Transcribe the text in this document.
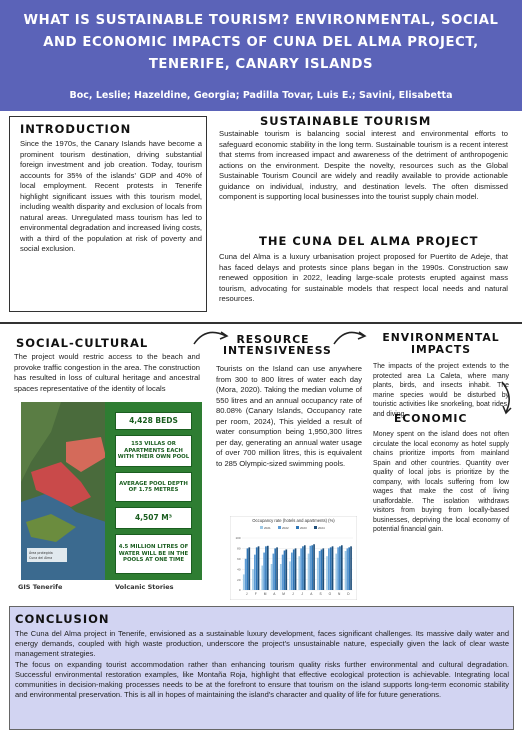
WHAT IS SUSTAINABLE TOURISM? ENVIRONMENTAL, SOCIAL AND ECONOMIC IMPACTS OF CUNA DEL ALMA PROJECT, TENERIFE, CANARY ISLANDS
Boc, Leslie; Hazeldine, Georgia; Padilla Tovar, Luis E.; Savini, Elisabetta
INTRODUCTION
Since the 1970s, the Canary Islands have become a prominent tourism destination, driving substantial foreign investment and job creation. Today, tourism accounts for 35% of the islands' GDP and 40% of local employment. Recent protests in Tenerife highlight significant issues with this tourism model, including wealth disparity and exclusion of locals from natural areas. Unregulated mass tourism has led to environmental degradation and increased living costs, with a third of the population at risk of poverty and social exclusion.
SUSTAINABLE TOURISM
Sustainable tourism is balancing social interest and environmental efforts to safeguard economic stability in the long term. Sustainable tourism is a recent interest that stems from increased impact and awareness of the detriment of anthropogenic actions on the environment. Despite the novelty, resources such as the Global Sustainable Tourism Council are widely and readily available to provide actionable guidance on individual, industry, and destination levels. The often dismissed component is supporting local businesses into the tourist supply chain model.
THE CUNA DEL ALMA PROJECT
Cuna del Alma is a luxury urbanisation project proposed for Puertito de Adeje, that has faced delays and protests since plans began in the 1990s. Construction saw renewed opposition in 2022, leading large-scale protests erupted against mass tourism, advocating for sustainable models that respect local needs and natural resources.
SOCIAL-CULTURAL
The project would restric access to the beach and provoke traffic congestion in the area. The construction has resulted in loss of cultural heritage and ancestral spaces representative of the identity of locals
Área protegida
Cuna del Alma
4,428 BEDS
153 VILLAS OR APARTMENTS EACH WITH THEIR OWN POOL
AVERAGE POOL DEPTH OF 1.75 METRES
4,507 M³
4.5 MILLION LITRES OF WATER WILL BE IN THE POOLS AT ONE TIME
GIS Tenerife	Volcanic Stories
RESOURCE INTENSIVENESS
Tourists on the Island can use anywhere from 300 to 800 litres of water each day (Mora, 2020). Taking the median volume of 550 litres and an annual occupancy rate of 80.08% (Canary Islands, Occupancy rate per room, 2024), This yielded a result of water consumption being 1,950,300 litres per day, generating an annual water usage of over 700 million litres, this is equivalent to 285 Olympic-sized swimming pools.
ENVIRONMENTAL IMPACTS
The impacts of the project extends to the protected area La Caleta, where many plants, birds, and insects inhabit. The marine species would be disturbed by touristic activities like snorkeling, boat rides, and diving.
ECONOMIC
Money spent on the island does not often circulate the local economy as hotel supply chains prioritize imports from mainland Spain and other countries. Quantity over quality of local jobs is prioritize by the company, with locals suffering from low wages that make the cost of living unaffordable. The isolation withdraws visitors from buying from locally-based businesses, depriving the local economy of potential financial gain.
Occupancy rate (hotels and apartments) (%)
2021	2022	2023	2024
0
20
40
60
80
100
J F M A M J J A S O N D
CONCLUSION
The Cuna del Alma project in Tenerife, envisioned as a sustainable luxury development, faces significant challenges. Its massive daily water and energy demands, coupled with high waste production, underscore the project's unsustainable nature, especially given the lack of clear waste management strategies.
The focus on expanding tourist accommodation rather than enhancing tourism quality risks further environmental and cultural degradation. Successful environmental restoration examples, like Montaña Roja, highlight that effective ecological protection is achievable. Integrating local communities in decision-making processes needs to be at the forefront to ensure that tourism on the island supports long-term economic stability and environmental preservation. This is all in hopes of maintaining the island's character and quality of life for future generations.
